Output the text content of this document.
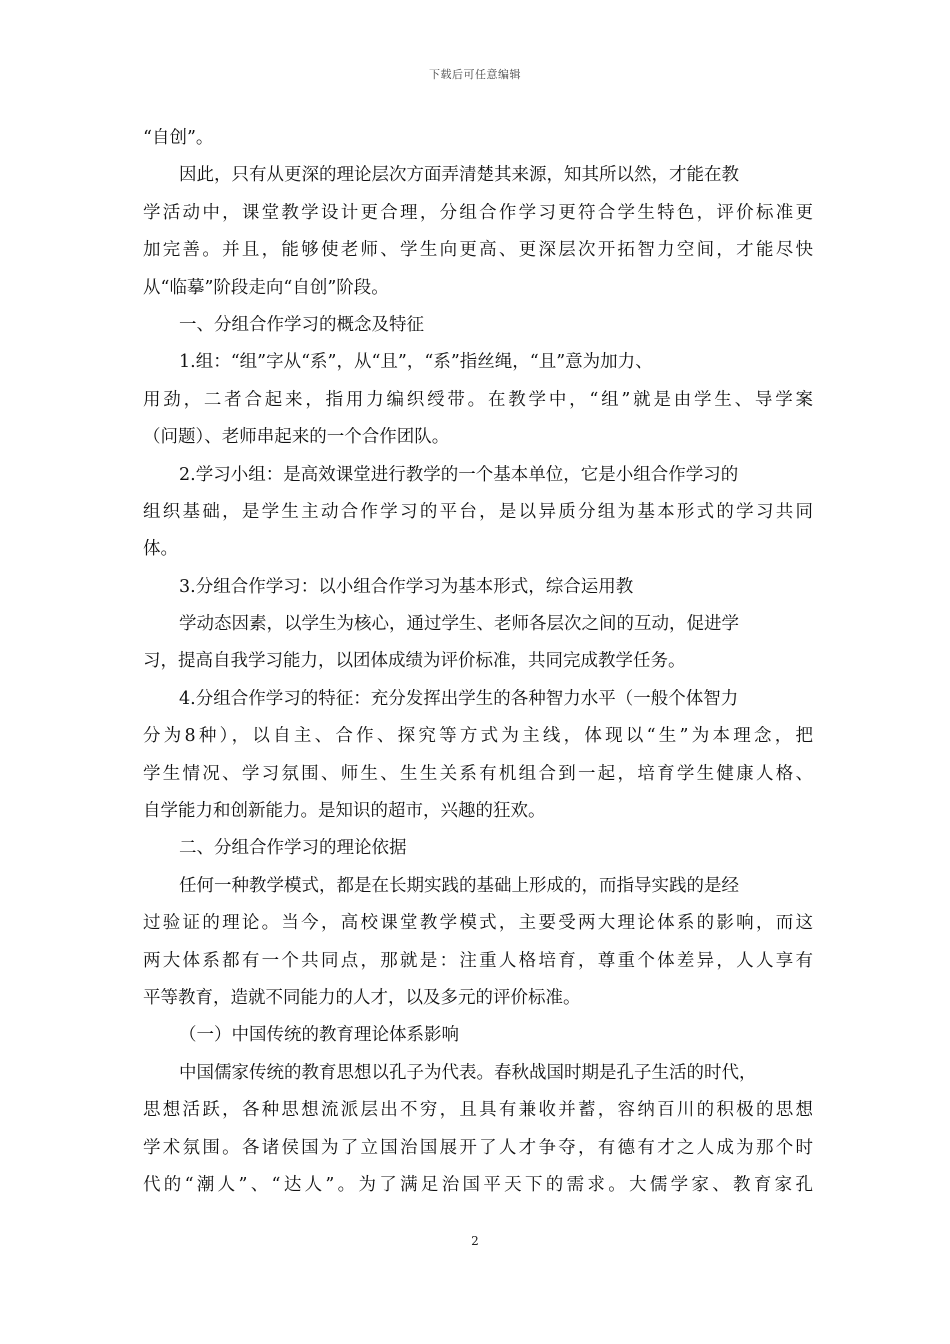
下载后可任意编辑
“自创”。
因此，只有从更深的理论层次方面弄清楚其来源，知其所以然，才能在教
学活动中，课堂教学设计更合理，分组合作学习更符合学生特色，评价标准更
加完善。并且，能够使老师、学生向更高、更深层次开拓智力空间，才能尽快
从“临摹”阶段走向“自创”阶段。
一、分组合作学习的概念及特征
1.组：“组”字从“系”，从“且”，“系”指丝绳，“且”意为加力、
用劲，二者合起来，指用力编织绶带。在教学中，“组”就是由学生、导学案
（问题）、老师串起来的一个合作团队。
2.学习小组：是高效课堂进行教学的一个基本单位，它是小组合作学习的
组织基础，是学生主动合作学习的平台，是以异质分组为基本形式的学习共同
体。
3.分组合作学习：以小组合作学习为基本形式，综合运用教
学动态因素，以学生为核心，通过学生、老师各层次之间的互动，促进学
习，提高自我学习能力，以团体成绩为评价标准，共同完成教学任务。
4.分组合作学习的特征：充分发挥出学生的各种智力水平（一般个体智力
分为8种），以自主、合作、探究等方式为主线，体现以“生”为本理念，把
学生情况、学习氛围、师生、生生关系有机组合到一起，培育学生健康人格、
自学能力和创新能力。是知识的超市，兴趣的狂欢。
二、分组合作学习的理论依据
任何一种教学模式，都是在长期实践的基础上形成的，而指导实践的是经
过验证的理论。当今，高校课堂教学模式，主要受两大理论体系的影响，而这
两大体系都有一个共同点，那就是：注重人格培育，尊重个体差异，人人享有
平等教育，造就不同能力的人才，以及多元的评价标准。
（一）中国传统的教育理论体系影响
中国儒家传统的教育思想以孔子为代表。春秋战国时期是孔子生活的时代，
思想活跃，各种思想流派层出不穷，且具有兼收并蓄，容纳百川的积极的思想
学术氛围。各诸侯国为了立国治国展开了人才争夺，有德有才之人成为那个时
代的“潮人”、“达人”。为了满足治国平天下的需求。大儒学家、教育家孔
2
